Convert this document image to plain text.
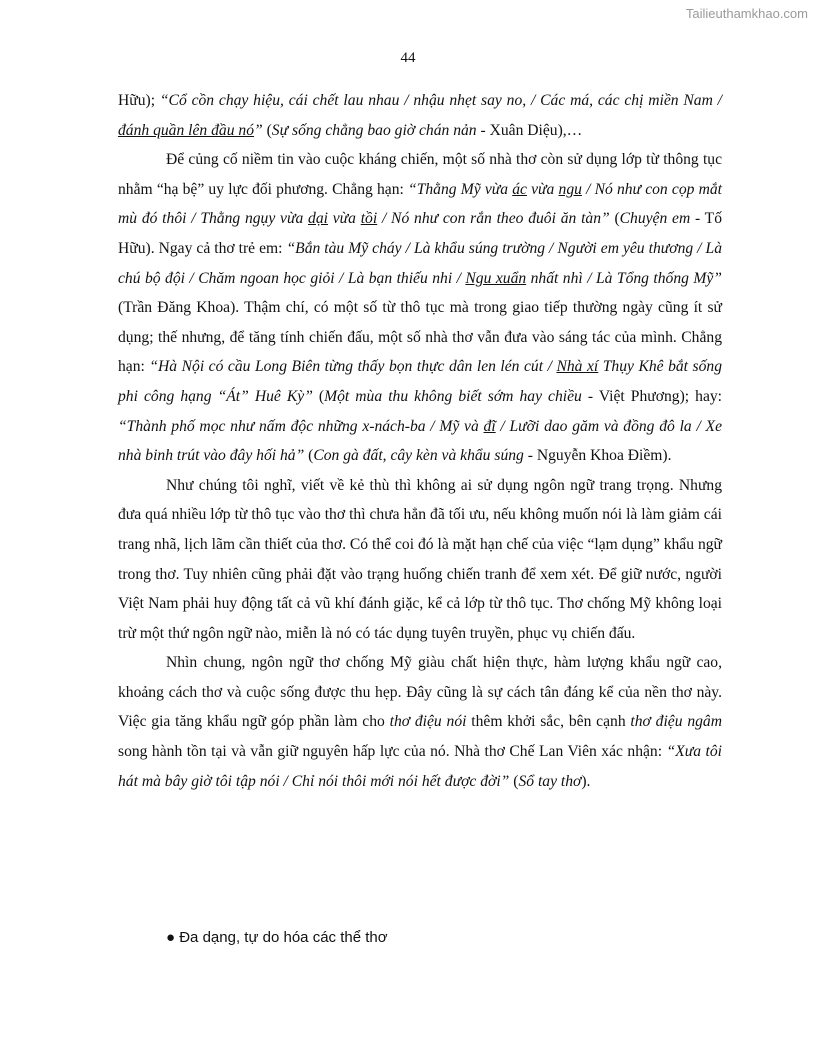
Tailieuthamkhao.com
44

Hữu); “Cổ cồn chạy hiệu, cái chết lau nhau / nhậu nhẹt say no, / Các má, các chị miền Nam / đánh quần lên đầu nó” (Sự sống chẳng bao giờ chán nản - Xuân Diệu),…

Để củng cố niềm tin vào cuộc kháng chiến, một số nhà thơ còn sử dụng lớp từ thông tục nhằm “hạ bệ” uy lực đối phương. Chẳng hạn: “Thằng Mỹ vừa ác vừa ngu / Nó như con cọp mắt mù đó thôi / Thằng ngụy vừa dại vừa tồi / Nó như con rắn theo đuôi ăn tàn” (Chuyện em - Tố Hữu). Ngay cả thơ trẻ em: “Bắn tàu Mỹ cháy / Là khẩu súng trường / Người em yêu thương / Là chú bộ đội / Chăm ngoan học giỏi / Là bạn thiếu nhi / Ngu xuẩn nhất nhì / Là Tổng thống Mỹ” (Trần Đăng Khoa). Thậm chí, có một số từ thô tục mà trong giao tiếp thường ngày cũng ít sử dụng; thế nhưng, để tăng tính chiến đấu, một số nhà thơ vẫn đưa vào sáng tác của mình. Chẳng hạn: “Hà Nội có cầu Long Biên từng thấy bọn thực dân len lén cút / Nhà xí Thụy Khê bắt sống phi công hạng “Át” Huê Kỳ” (Một mùa thu không biết sớm hay chiều - Việt Phương); hay: “Thành phố mọc như nấm độc những x-nách-ba / Mỹ và đĩ / Lưỡi dao găm và đồng đô la / Xe nhà binh trút vào đây hối hả” (Con gà đất, cây kèn và khẩu súng - Nguyễn Khoa Điềm).

Như chúng tôi nghĩ, viết về kẻ thù thì không ai sử dụng ngôn ngữ trang trọng. Nhưng đưa quá nhiều lớp từ thô tục vào thơ thì chưa hẳn đã tối ưu, nếu không muốn nói là làm giảm cái trang nhã, lịch lãm cần thiết của thơ. Có thể coi đó là mặt hạn chế của việc “lạm dụng” khẩu ngữ trong thơ. Tuy nhiên cũng phải đặt vào trạng huống chiến tranh để xem xét. Để giữ nước, người Việt Nam phải huy động tất cả vũ khí đánh giặc, kể cả lớp từ thô tục. Thơ chống Mỹ không loại trừ một thứ ngôn ngữ nào, miễn là nó có tác dụng tuyên truyền, phục vụ chiến đấu.

Nhìn chung, ngôn ngữ thơ chống Mỹ giàu chất hiện thực, hàm lượng khẩu ngữ cao, khoảng cách thơ và cuộc sống được thu hẹp. Đây cũng là sự cách tân đáng kể của nền thơ này. Việc gia tăng khẩu ngữ góp phần làm cho thơ điệu nói thêm khởi sắc, bên cạnh thơ điệu ngâm song hành tồn tại và vẫn giữ nguyên hấp lực của nó. Nhà thơ Chế Lan Viên xác nhận: “Xưa tôi hát mà bây giờ tôi tập nói / Chỉ nói thôi mới nói hết được đời” (Sổ tay thơ).

● Đa dạng, tự do hóa các thể thơ
